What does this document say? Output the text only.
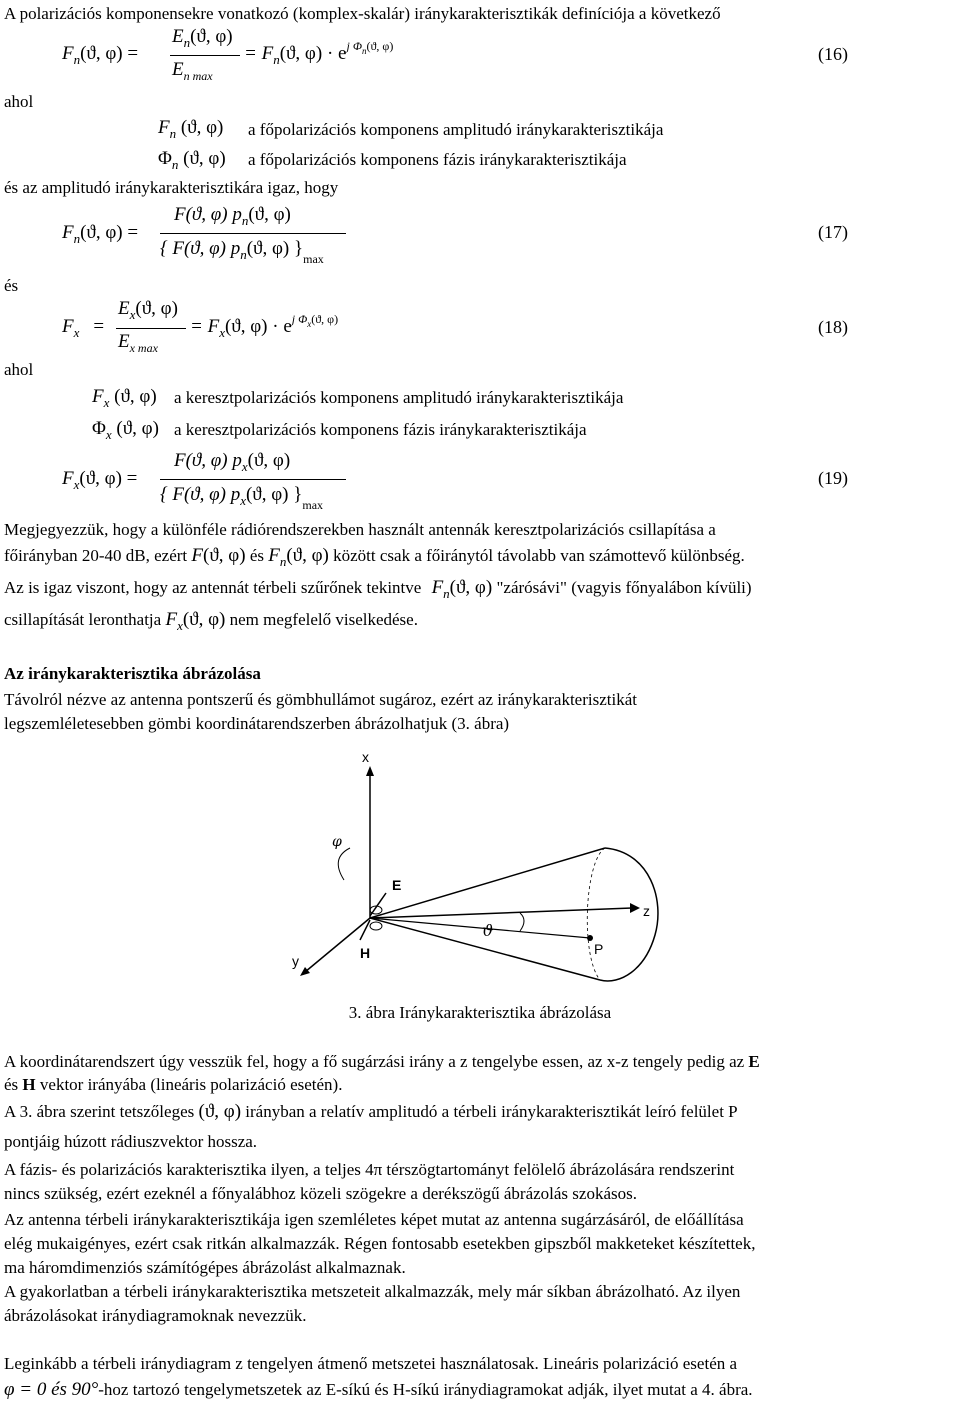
A polarizációs komponensekre vonatkozó (komplex-skalár) iránykarakterisztikák definíciója a következő
$F_n(ϑ$, φ) =
$E_n(ϑ$, φ)
$E_{n max}$
= $F_n(ϑ$, $\varphi) \cdot e^{j \Phi n(ϑ, \varphi)}$	(16)
ahol
$F_n$ (ϑ, φ) a főpolarizációs komponens amplitudó iránykarakterisztikája
$\Phi_n$ (ϑ, φ) a főpolarizációs komponens fázis iránykarakterisztikája
és az amplitudó iránykarakterisztikára igaz, hogy
$F_n(ϑ$, φ) =
F(ϑ, φ) $p_n(ϑ$, φ)
{ F(ϑ, φ) $p_n(ϑ$, φ) }$_{max}$
(17)
és
$F_x$ =
$E_x(ϑ$, φ)
$E_{x max}$
= $F_x(ϑ$, $\varphi) \cdot e^{j \Phi x(ϑ, \varphi)}$	(18)
ahol
$F_x$ (ϑ, φ) a keresztpolarizációs komponens amplitudó iránykarakterisztikája
$\Phi_x$ (ϑ, φ) a keresztpolarizációs komponens fázis iránykarakterisztikája
$F_x(ϑ$, φ) =
F(ϑ, φ) $p_x(ϑ$, φ)
{ F(ϑ, φ) $p_x(ϑ$, φ) }$_{max}$
(19)
Megjegyezzük, hogy a különféle rádiórendszerekben használt antennák keresztpolarizációs csillapítása a
főirányban 20-40 dB, ezért F(ϑ, φ) és $F_n(ϑ$, φ) között csak a főiránytól távolabb van számottevő különbség.
Az is igaz viszont, hogy az antennát térbeli szűrőnek tekintve $F_n(ϑ$, φ) "zárósávi" (vagyis főnyalábon kívüli)
csillapítását leronthatja $F_x(ϑ$, φ) nem megfelelő viselkedése.
Az iránykarakterisztika ábrázolása
Távolról nézve az antenna pontszerű és gömbhullámot sugároz, ezért az iránykarakterisztikát
legszemléletesebben gömbi koordinátarendszerben ábrázolhatjuk (3. ábra)
x
φ
E
z
ϑ
y	H	P
3. ábra Iránykarakterisztika ábrázolása
A koordinátarendszert úgy vesszük fel, hogy a fő sugárzási irány a z tengelybe essen, az x-z tengely pedig az E
és H vektor irányába (lineáris polarizáció esetén).
A 3. ábra szerint tetszőleges (ϑ, φ) irányban a relatív amplitudó a térbeli iránykarakterisztikát leíró felület P
pontjáig húzott rádiuszvektor hossza.
A fázis- és polarizációs karakterisztika ilyen, a teljes 4π térszögtartományt felölelő ábrázolására rendszerint
nincs szükség, ezért ezeknél a főnyalábhoz közeli szögekre a derékszögű ábrázolás szokásos.
Az antenna térbeli iránykarakterisztikája igen szemléletes képet mutat az antenna sugárzásáról, de előállítása
elég mukaigényes, ezért csak ritkán alkalmazzák. Régen fontosabb esetekben gipszből makketeket készítettek,
ma háromdimenziós számítógépes ábrázolást alkalmaznak.
A gyakorlatban a térbeli iránykarakterisztika metszeteit alkalmazzák, mely már síkban ábrázolható. Az ilyen
ábrázolásokat iránydiagramoknak nevezzük.
Leginkább a térbeli iránydiagram z tengelyen átmenő metszetei használatosak. Lineáris polarizáció esetén a
φ = 0 és 90°-hoz tartozó tengelymetszetek az E-síkú és H-síkú iránydiagramokat adják, ilyet mutat a 4. ábra.
